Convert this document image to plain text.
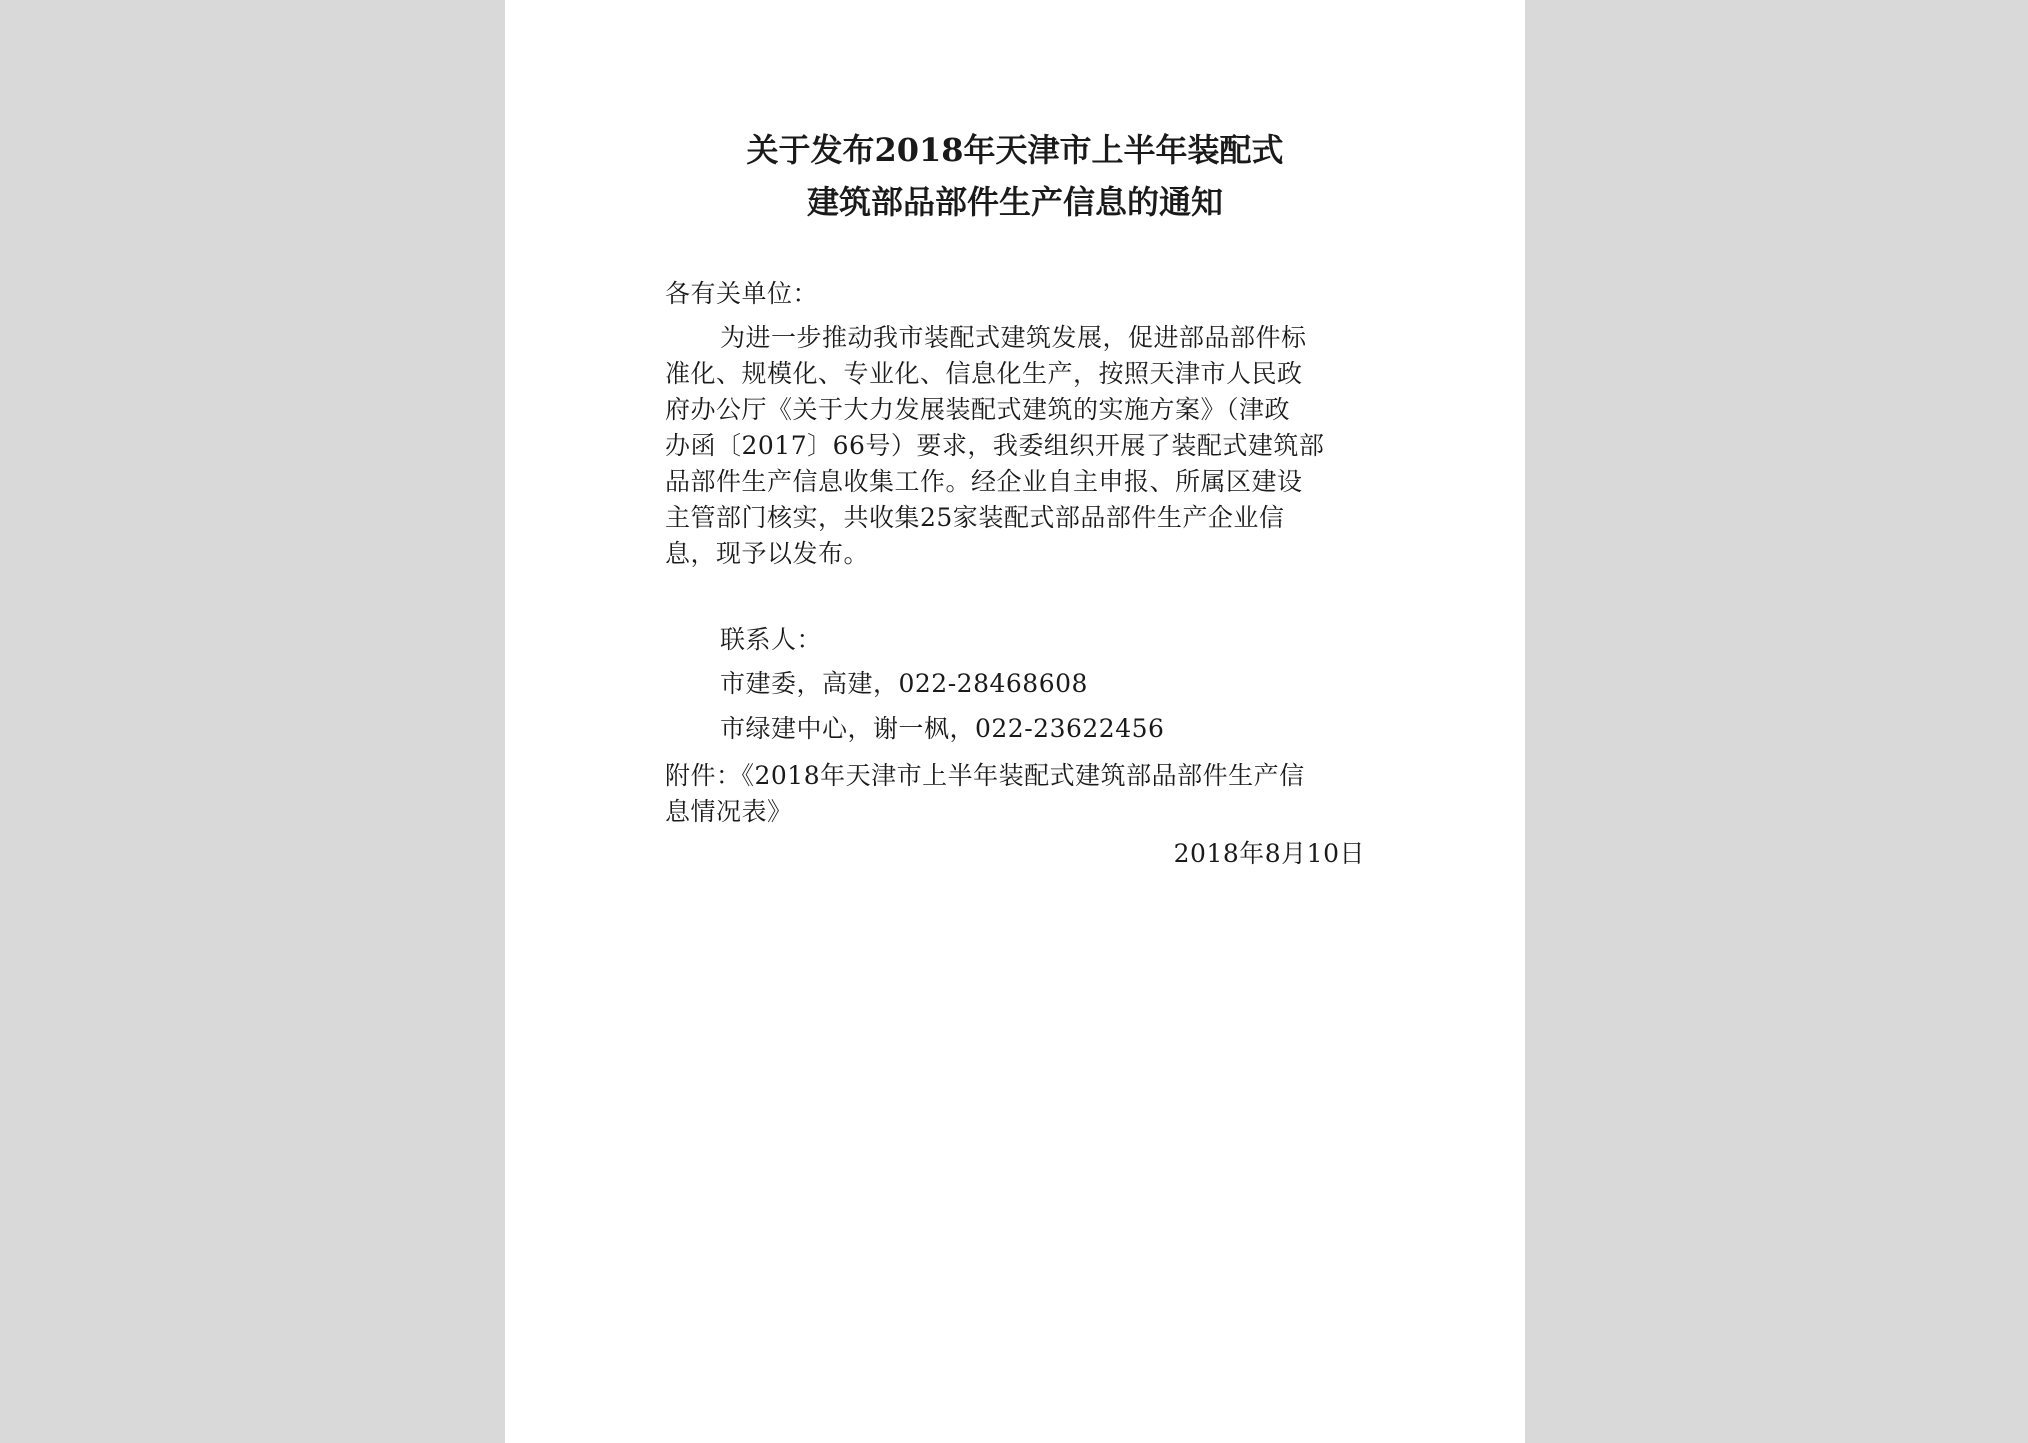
关于发布2018年天津市上半年装配式
建筑部品部件生产信息的通知
各有关单位：
为进一步推动我市装配式建筑发展，促进部品部件标
准化、规模化、专业化、信息化生产，按照天津市人民政
府办公厅《关于大力发展装配式建筑的实施方案》（津政
办函〔2017〕66号）要求，我委组织开展了装配式建筑部
品部件生产信息收集工作。经企业自主申报、所属区建设
主管部门核实，共收集25家装配式部品部件生产企业信
息，现予以发布。
联系人：
市建委，高建，022-28468608
市绿建中心，谢一枫，022-23622456
附件：《2018年天津市上半年装配式建筑部品部件生产信
息情况表》
2018年8月10日
